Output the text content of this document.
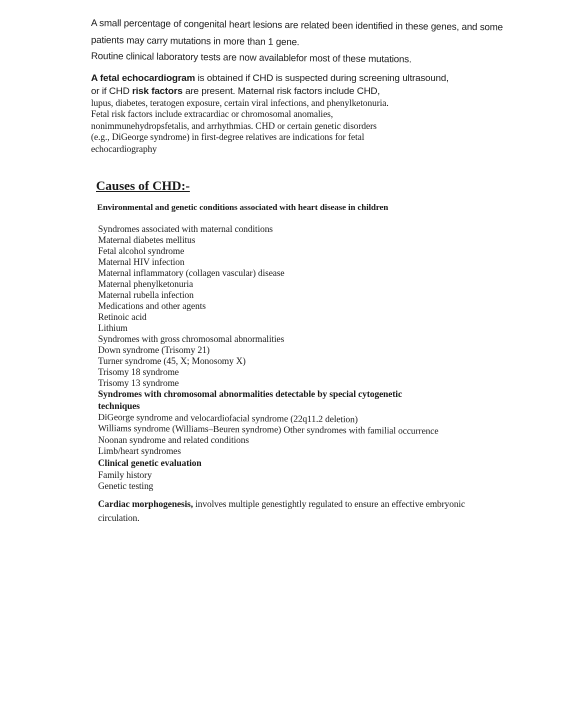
A small percentage of congenital heart lesions are related been identified in these genes, and some
patients may carry mutations in more than 1 gene.
Routine clinical laboratory tests are now availablefor most of these mutations.
A fetal echocardiogram is obtained if CHD is suspected during screening ultrasound,
or if CHD risk factors are present. Maternal risk factors include CHD,
lupus, diabetes, teratogen exposure, certain viral infections, and phenylketonuria.
Fetal risk factors include extracardiac or chromosomal anomalies,
nonimmunehydropsfetalis, and arrhythmias. CHD or certain genetic disorders
(e.g., DiGeorge syndrome) in first-degree relatives are indications for fetal
echocardiography
Causes of CHD:-
Environmental and genetic conditions associated with heart disease in children
Syndromes associated with maternal conditions
Maternal diabetes mellitus
Fetal alcohol syndrome
Maternal HIV infection
Maternal inflammatory (collagen vascular) disease
Maternal phenylketonuria
Maternal rubella infection
Medications and other agents
Retinoic acid
Lithium
Syndromes with gross chromosomal abnormalities
Down syndrome (Trisomy 21)
Turner syndrome (45, X; Monosomy X)
Trisomy 18 syndrome
Trisomy 13 syndrome
Syndromes with chromosomal abnormalities detectable by special cytogenetic
techniques
DiGeorge syndrome and velocardiofacial syndrome (22q11.2 deletion)
Williams syndrome (Williams–Beuren syndrome) Other syndromes with familial occurrence
Noonan syndrome and related conditions
Limb/heart syndromes
Clinical genetic evaluation
Family history
Genetic testing
Cardiac morphogenesis, involves multiple genestightly regulated to ensure an effective embryonic
circulation.
